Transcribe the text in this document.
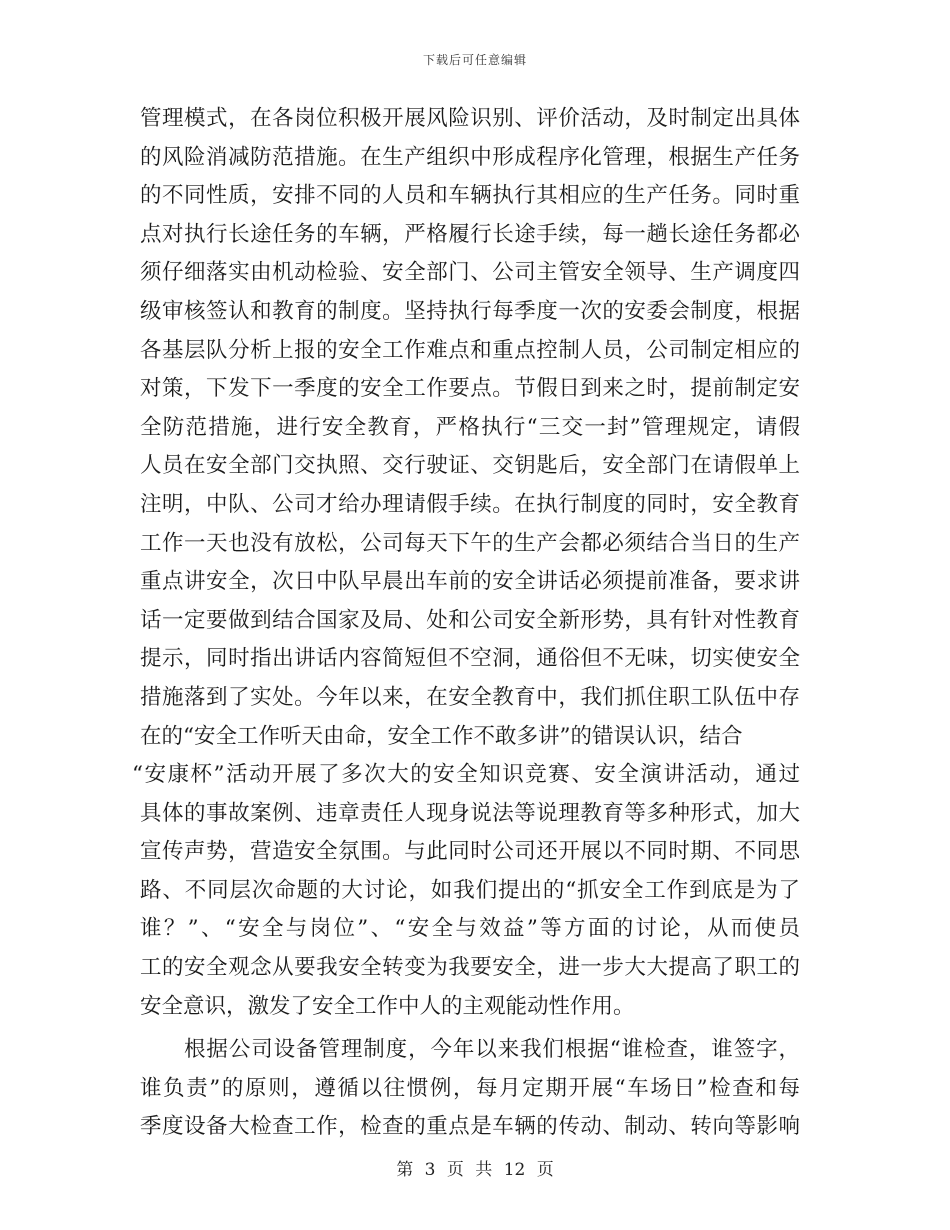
下载后可任意编辑
管理模式，在各岗位积极开展风险识别、评价活动，及时制定出具体
的风险消减防范措施。在生产组织中形成程序化管理，根据生产任务
的不同性质，安排不同的人员和车辆执行其相应的生产任务。同时重
点对执行长途任务的车辆，严格履行长途手续，每一趟长途任务都必
须仔细落实由机动检验、安全部门、公司主管安全领导、生产调度四
级审核签认和教育的制度。坚持执行每季度一次的安委会制度，根据
各基层队分析上报的安全工作难点和重点控制人员，公司制定相应的
对策，下发下一季度的安全工作要点。节假日到来之时，提前制定安
全防范措施，进行安全教育，严格执行“三交一封”管理规定，请假
人员在安全部门交执照、交行驶证、交钥匙后，安全部门在请假单上
注明，中队、公司才给办理请假手续。在执行制度的同时，安全教育
工作一天也没有放松，公司每天下午的生产会都必须结合当日的生产
重点讲安全，次日中队早晨出车前的安全讲话必须提前准备，要求讲
话一定要做到结合国家及局、处和公司安全新形势，具有针对性教育
提示，同时指出讲话内容简短但不空洞，通俗但不无味，切实使安全
措施落到了实处。今年以来，在安全教育中，我们抓住职工队伍中存
在的“安全工作听天由命，安全工作不敢多讲”的错误认识，结合
“安康杯”活动开展了多次大的安全知识竞赛、安全演讲活动，通过
具体的事故案例、违章责任人现身说法等说理教育等多种形式，加大
宣传声势，营造安全氛围。与此同时公司还开展以不同时期、不同思
路、不同层次命题的大讨论，如我们提出的“抓安全工作到底是为了
谁？”、“安全与岗位”、“安全与效益”等方面的讨论，从而使员
工的安全观念从要我安全转变为我要安全，进一步大大提高了职工的
安全意识，激发了安全工作中人的主观能动性作用。
根据公司设备管理制度，今年以来我们根据“谁检查，谁签字，
谁负责”的原则，遵循以往惯例，每月定期开展“车场日”检查和每
季度设备大检查工作，检查的重点是车辆的传动、制动、转向等影响
第 3 页 共 12 页
